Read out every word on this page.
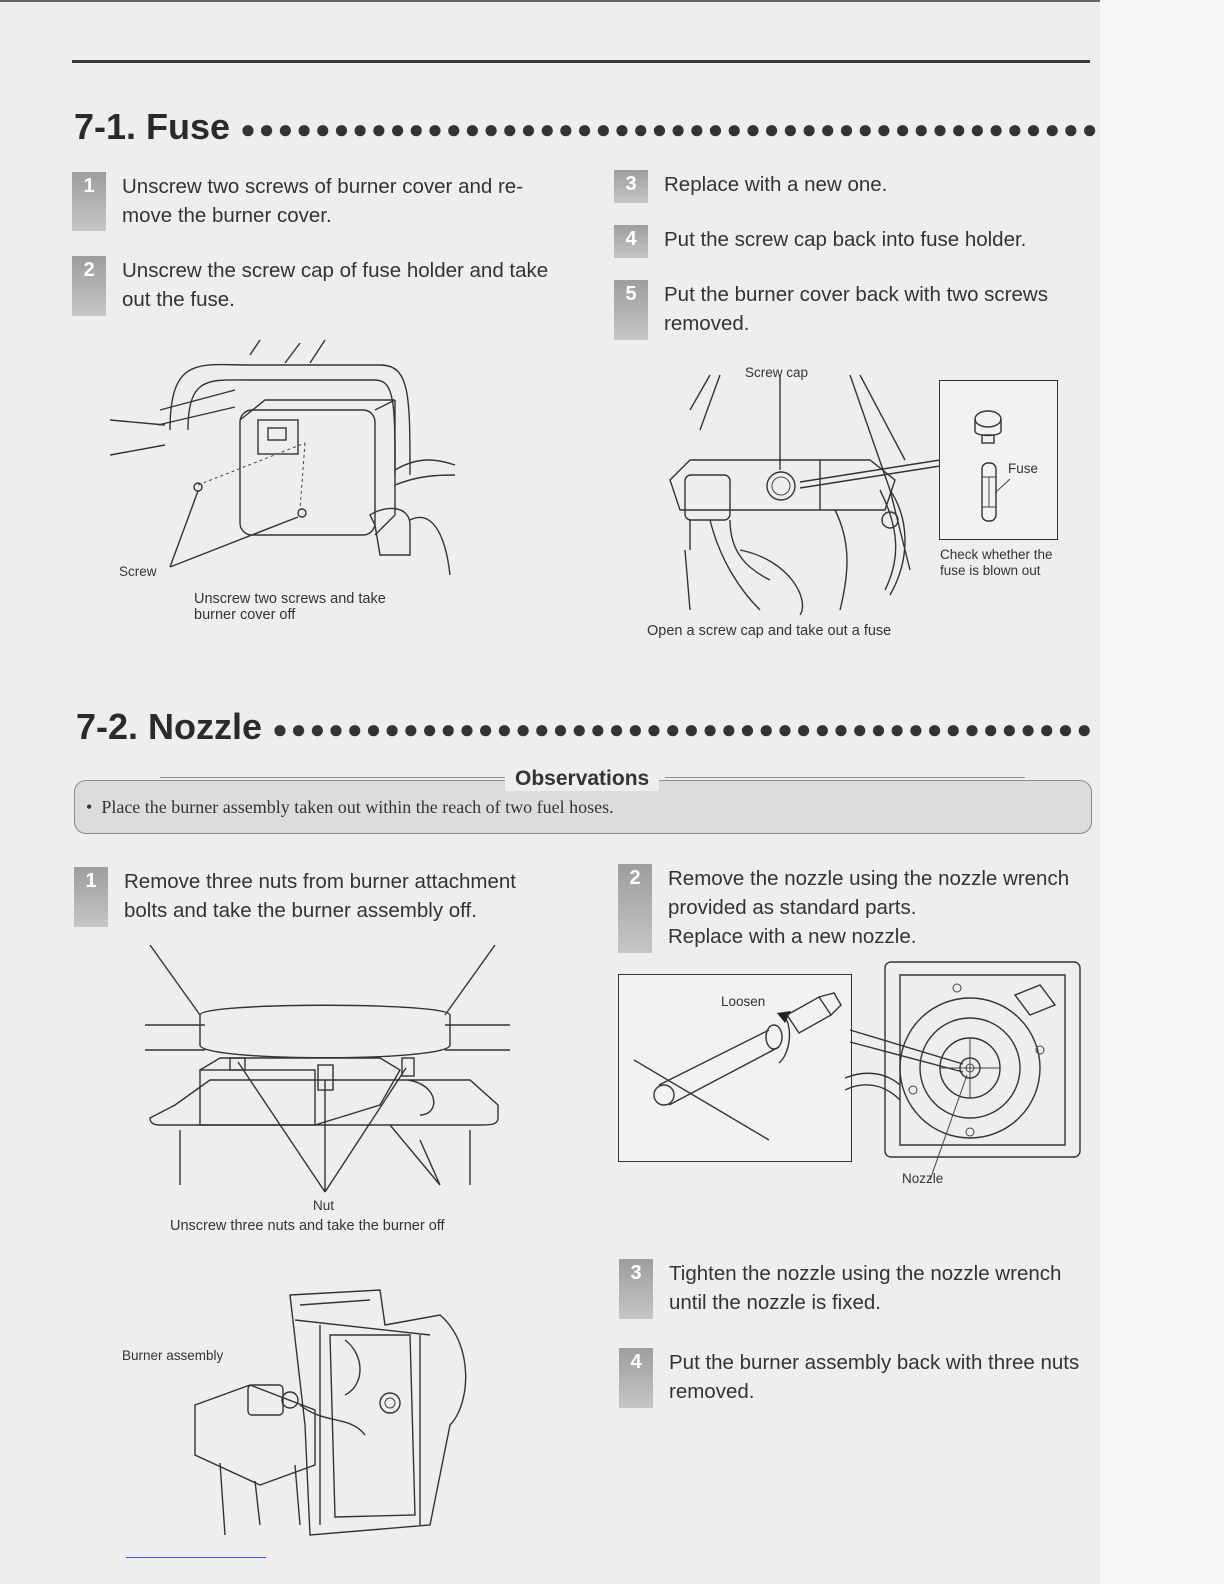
7-1. Fuse ●●●●●●●●●●●●●●●●●●●●●●●●●●●●●●●●●●●●●●●●●●●●●●
1	Unscrew two screws of burner cover and re- move the burner cover.
2	Unscrew the screw cap of fuse holder and take out the fuse.
3	Replace with a new one.
4	Put the screw cap back into fuse holder.
5	Put the burner cover back with two screws removed.
Screw
Unscrew two screws and take
burner cover off
Fuse
Screw cap
Check whether the
fuse is blown out
Open a screw cap and take out a fuse
7-2. Nozzle ●●●●●●●●●●●●●●●●●●●●●●●●●●●●●●●●●●●●●●●●●●●●
Observations
•  Place the burner assembly taken out within the reach of two fuel hoses.
1	Remove three nuts from burner attachment
bolts and take the burner assembly off.
2	Remove the nozzle using the nozzle wrench
provided as standard parts.
Replace with a new nozzle.
3	Tighten the nozzle using the nozzle wrench
until the nozzle is fixed.
4	Put the burner assembly back with three nuts
removed.
Nut
Unscrew three nuts and take the burner off
Loosen
Nozzle
Burner assembly
